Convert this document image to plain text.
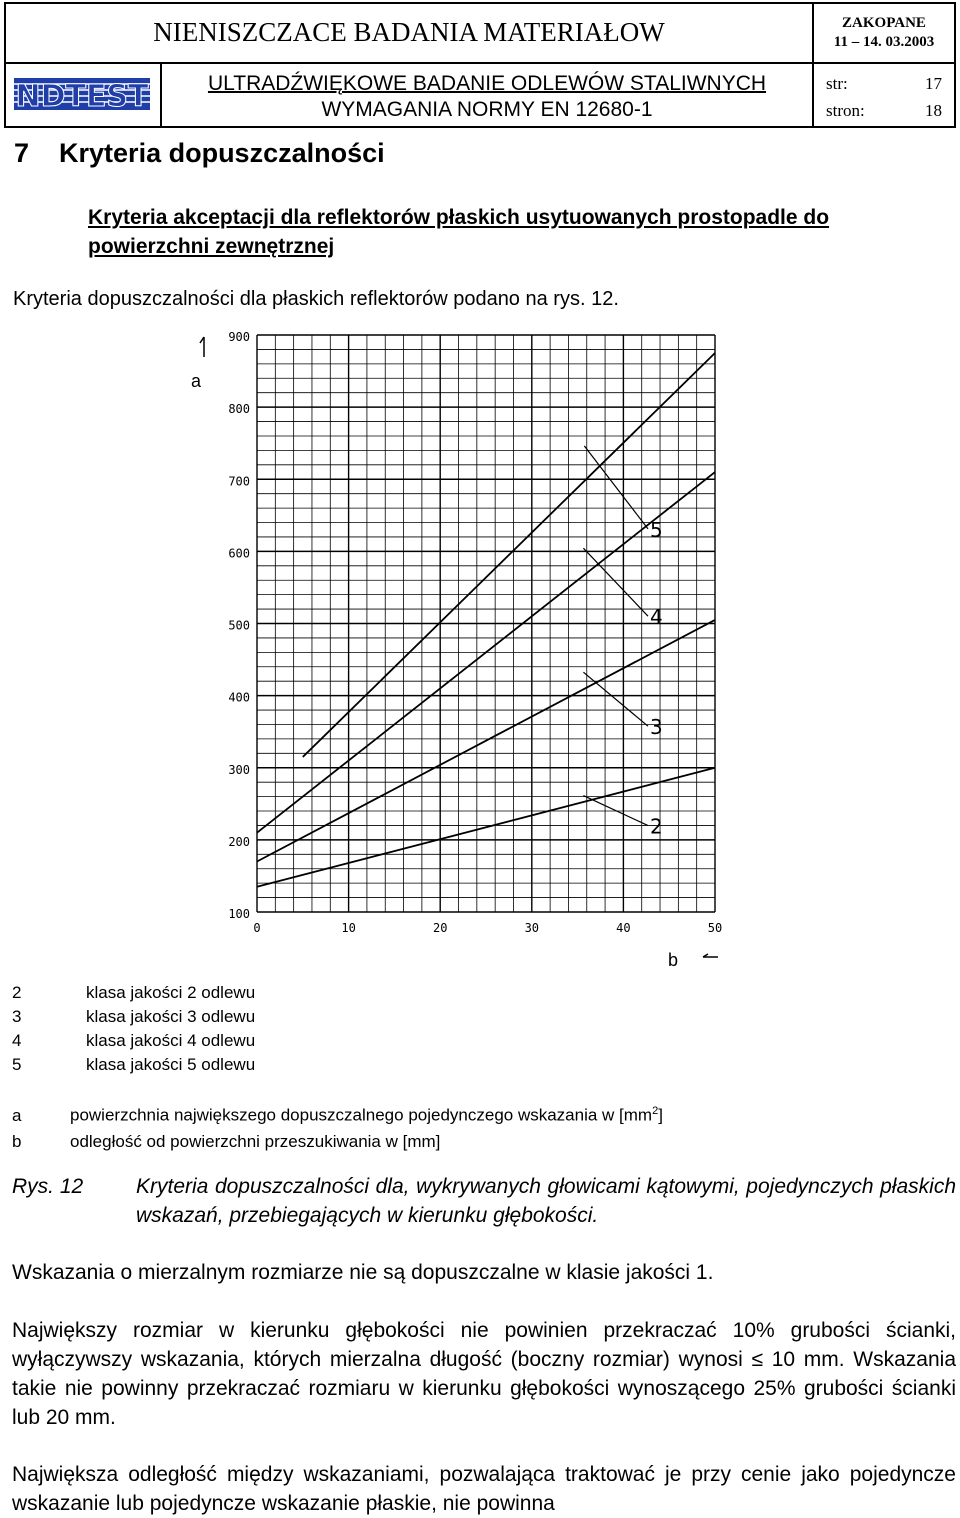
NIENISZCZACE BADANIA MATERIAŁOW	ZAKOPANE
11 – 14. 03.2003
NDTEST	ULTRADŹWIĘKOWE BADANIE ODLEWÓW STALIWNYCH
WYMAGANIA NORMY EN 12680-1
str:	17
stron:	18
7 Kryteria dopuszczalności

Kryteria akceptacji dla reflektorów płaskich usytuowanych prostopadle do powierzchni zewnętrznej

Kryteria dopuszczalności dla płaskich reflektorów podano na rys. 12.

100
200
300
400
500
600
700
800
900
0	10	20	30	40	50
2
3
4
5
a
b
2	klasa jakości 2 odlewu
3	klasa jakości 3 odlewu
4	klasa jakości 4 odlewu
5	klasa jakości 5 odlewu
a	powierzchnia największego dopuszczalnego pojedynczego wskazania w $[mm^2]$
b	odległość od powierzchni przeszukiwania w [mm]
Rys. 12	Kryteria dopuszczalności dla, wykrywanych głowicami kątowymi, pojedynczych płaskich wskazań, przebiegających w kierunku głębokości.

Wskazania o mierzalnym rozmiarze nie są dopuszczalne w klasie jakości 1.

Największy rozmiar w kierunku głębokości nie powinien przekraczać 10% grubości ścianki, wyłączywszy wskazania, których mierzalna długość (boczny rozmiar) wynosi ≤ 10 mm. Wskazania takie nie powinny przekraczać rozmiaru w kierunku głębokości wynoszącego 25% grubości ścianki lub 20 mm.

Największa odległość między wskazaniami, pozwalająca traktować je przy cenie jako pojedyncze wskazanie lub pojedyncze wskazanie płaskie, nie powinna
